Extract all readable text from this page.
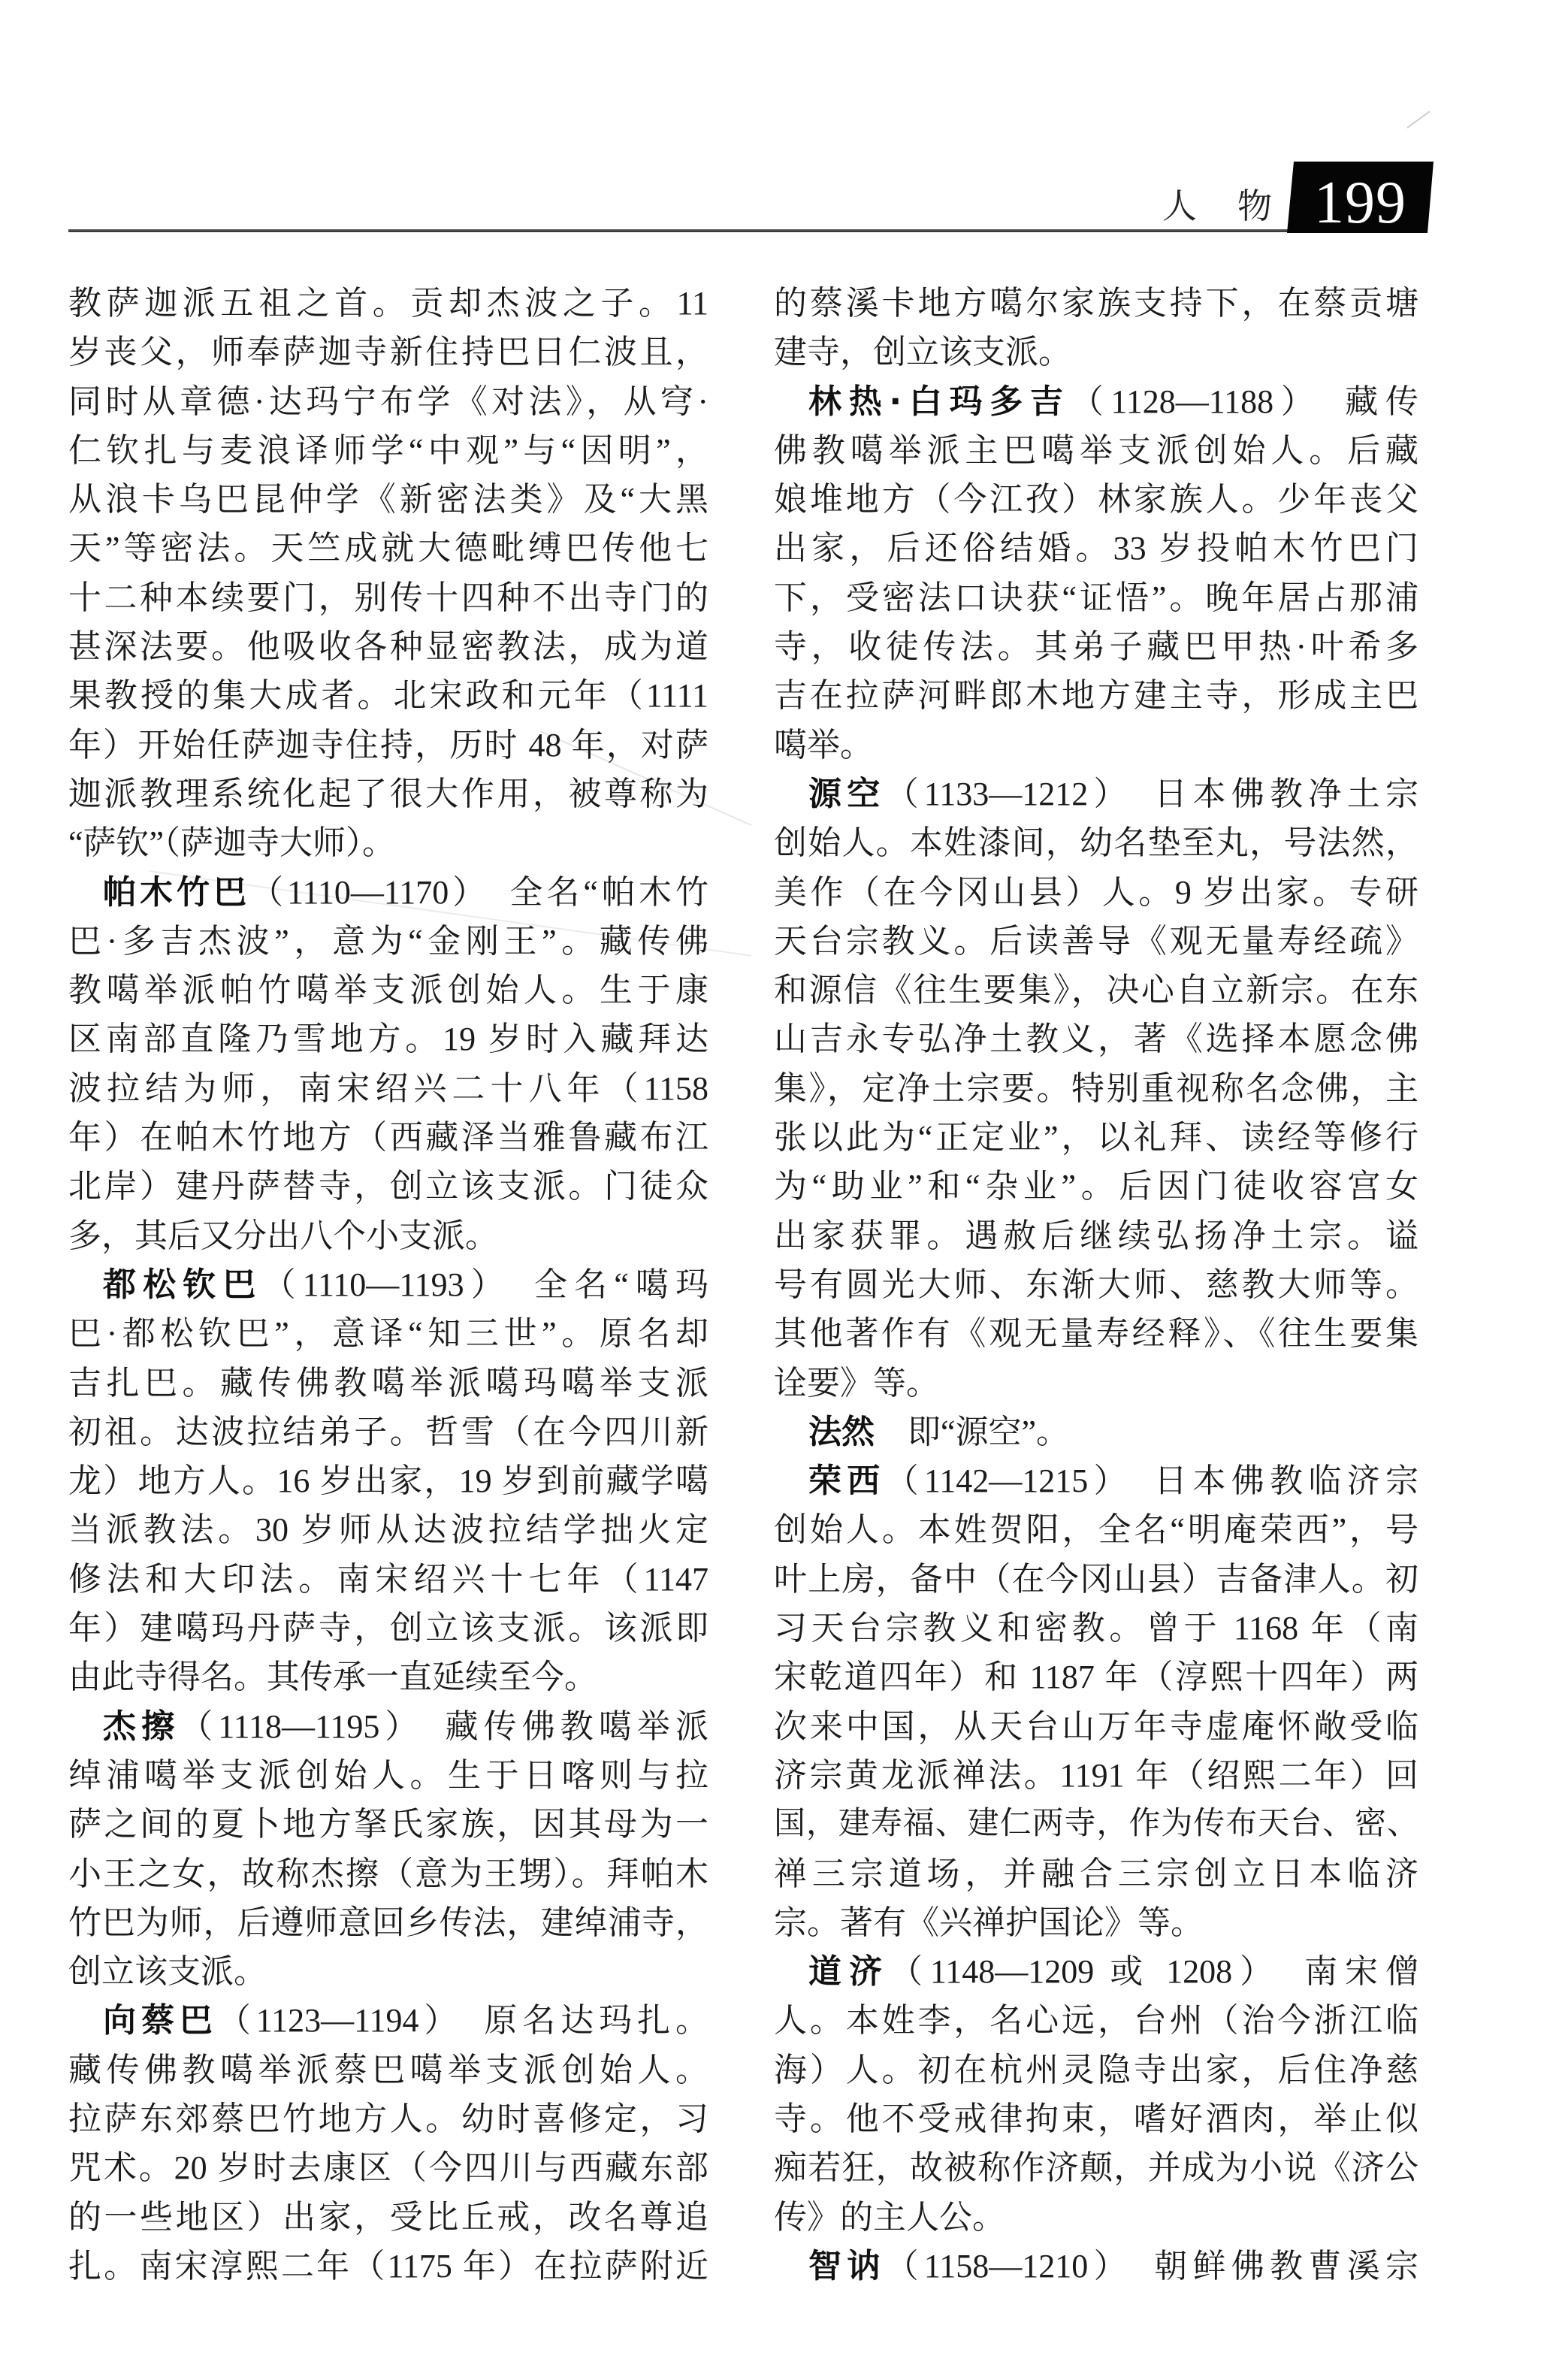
人 物 199
教萨迦派五祖之首。贡却杰波之子。11
岁丧父，师奉萨迦寺新住持巴日仁波且，
同时从章德·达玛宁布学《对法》，从穹·
仁钦扎与麦浪译师学“中观”与“因明”，
从浪卡乌巴昆仲学《新密法类》及“大黑
天”等密法。天竺成就大德毗缚巴传他七
十二种本续要门，别传十四种不出寺门的
甚深法要。他吸收各种显密教法，成为道
果教授的集大成者。北宋政和元年（1111
年）开始任萨迦寺住持，历时 48 年，对萨
迦派教理系统化起了很大作用，被尊称为
“萨钦”（萨迦寺大师）。
帕木竹巴（1110—1170）　全名“帕木竹
巴·多吉杰波”，意为“金刚王”。藏传佛
教噶举派帕竹噶举支派创始人。生于康
区南部直隆乃雪地方。19 岁时入藏拜达
波拉结为师，南宋绍兴二十八年（1158
年）在帕木竹地方（西藏泽当雅鲁藏布江
北岸）建丹萨替寺，创立该支派。门徒众
多，其后又分出八个小支派。
都松钦巴（1110—1193）　全名“噶玛
巴·都松钦巴”，意译“知三世”。原名却
吉扎巴。藏传佛教噶举派噶玛噶举支派
初祖。达波拉结弟子。哲雪（在今四川新
龙）地方人。16 岁出家，19 岁到前藏学噶
当派教法。30 岁师从达波拉结学拙火定
修法和大印法。南宋绍兴十七年（1147
年）建噶玛丹萨寺，创立该支派。该派即
由此寺得名。其传承一直延续至今。
杰擦（1118—1195）　藏传佛教噶举派
绰浦噶举支派创始人。生于日喀则与拉
萨之间的夏卜地方拏氏家族，因其母为一
小王之女，故称杰擦（意为王甥）。拜帕木
竹巴为师，后遵师意回乡传法，建绰浦寺，
创立该支派。
向蔡巴（1123—1194）　原名达玛扎。
藏传佛教噶举派蔡巴噶举支派创始人。
拉萨东郊蔡巴竹地方人。幼时喜修定，习
咒术。20 岁时去康区（今四川与西藏东部
的一些地区）出家，受比丘戒，改名尊追
扎。南宋淳熙二年（1175 年）在拉萨附近
的蔡溪卡地方噶尔家族支持下，在蔡贡塘
建寺，创立该支派。
林热·白玛多吉（1128—1188）　藏传
佛教噶举派主巴噶举支派创始人。后藏
娘堆地方（今江孜）林家族人。少年丧父
出家，后还俗结婚。33 岁投帕木竹巴门
下，受密法口诀获“证悟”。晚年居占那浦
寺，收徒传法。其弟子藏巴甲热·叶希多
吉在拉萨河畔郎木地方建主寺，形成主巴
噶举。
源空（1133—1212）　日本佛教净土宗
创始人。本姓漆间，幼名垫至丸，号法然，
美作（在今冈山县）人。9 岁出家。专研
天台宗教义。后读善导《观无量寿经疏》
和源信《往生要集》，决心自立新宗。在东
山吉永专弘净土教义，著《选择本愿念佛
集》，定净土宗要。特别重视称名念佛，主
张以此为“正定业”，以礼拜、读经等修行
为“助业”和“杂业”。后因门徒收容宫女
出家获罪。遇赦后继续弘扬净土宗。谥
号有圆光大师、东渐大师、慈教大师等。
其他著作有《观无量寿经释》、《往生要集
诠要》等。
法然　即“源空”。
荣西（1142—1215）　日本佛教临济宗
创始人。本姓贺阳，全名“明庵荣西”，号
叶上房，备中（在今冈山县）吉备津人。初
习天台宗教义和密教。曾于 1168 年（南
宋乾道四年）和 1187 年（淳熙十四年）两
次来中国，从天台山万年寺虚庵怀敞受临
济宗黄龙派禅法。1191 年（绍熙二年）回
国，建寿福、建仁两寺，作为传布天台、密、
禅三宗道场，并融合三宗创立日本临济
宗。著有《兴禅护国论》等。
道济（1148—1209 或 1208）　南宋僧
人。本姓李，名心远，台州（治今浙江临
海）人。初在杭州灵隐寺出家，后住净慈
寺。他不受戒律拘束，嗜好酒肉，举止似
痴若狂，故被称作济颠，并成为小说《济公
传》的主人公。
智讷（1158—1210）　朝鲜佛教曹溪宗
